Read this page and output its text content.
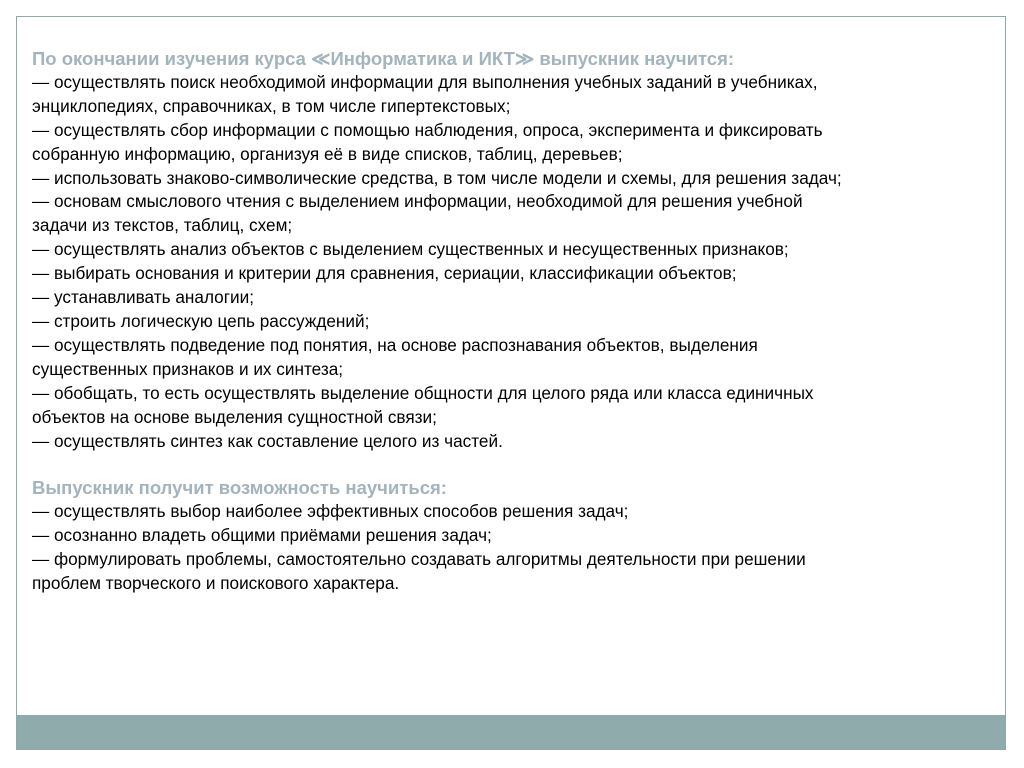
По окончании изучения курса ≪Информатика и ИКТ≫ выпускник научится:
— осуществлять поиск необходимой информации для выполнения учебных заданий в учебниках,
энциклопедиях, справочниках, в том числе гипертекстовых;
— осуществлять сбор информации с помощью наблюдения, опроса, эксперимента и фиксировать
собранную информацию, организуя её в виде списков, таблиц, деревьев;
— использовать знаково-символические средства, в том числе модели и схемы, для решения задач;
— основам смыслового чтения с выделением информации, необходимой для решения учебной
задачи из текстов, таблиц, схем;
— осуществлять анализ объектов с выделением существенных и несущественных признаков;
— выбирать основания и критерии для сравнения, сериации, классификации объектов;
— устанавливать аналогии;
— строить логическую цепь рассуждений;
— осуществлять подведение под понятия, на основе распознавания объектов, выделения
существенных признаков и их синтеза;
— обобщать, то есть осуществлять выделение общности для целого ряда или класса единичных
объектов на основе выделения сущностной связи;
— осуществлять синтез как составление целого из частей.
Выпускник получит возможность научиться:
— осуществлять выбор наиболее эффективных способов решения задач;
— осознанно владеть общими приёмами решения задач;
— формулировать проблемы, самостоятельно создавать алгоритмы деятельности при решении
проблем творческого и поискового характера.
